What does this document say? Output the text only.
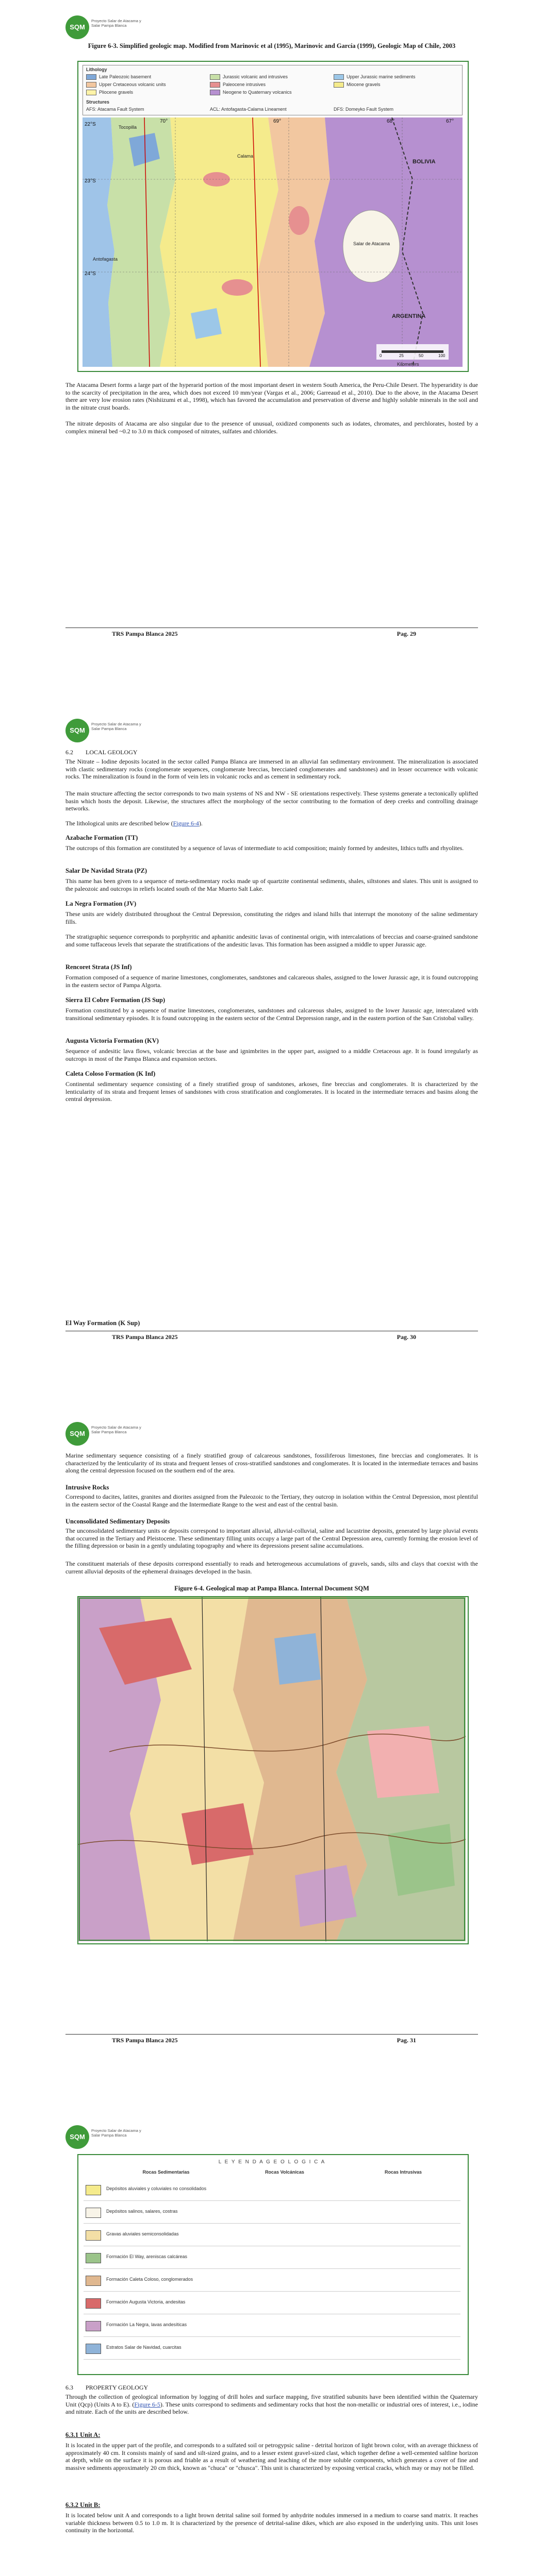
SQM
Proyecto Salar de Atacama y Salar Pampa Blanca
Figure 6-3. Simplified geologic map. Modified from Marinovic et al (1995), Marinovic and García (1999), Geologic Map of Chile, 2003
Lithology
Late Paleozoic basement	Jurassic volcanic and intrusives	Upper Jurassic marine sediments
Upper Cretaceous volcanic units	Paleocene intrusives	Miocene gravels
Pliocene gravels	Neogene to Quaternary volcanics
Structures
AFS: Atacama Fault System	ACL: Antofagasta-Calama Lineament	DFS: Domeyko Fault System
Tocopilla
Calama
BOLIVIA
Salar de Atacama
Antofagasta
ARGENTINA
Kilometers
22°S
23°S
24°S
70°	69°	68°	67°
0	25	50	100

The Atacama Desert forms a large part of the hyperarid portion of the most important desert in western South America, the Peru-Chile Desert. The hyperaridity is due to the scarcity of precipitation in the area, which does not exceed 10 mm/year (Vargas et al., 2006; Garreaud et al., 2010). Due to the above, in the Atacama Desert there are very low erosion rates (Nishiizumi et al., 1998), which has favored the accumulation and preservation of diverse and highly soluble minerals in the soil and in the nitrate crust boards.

The nitrate deposits of Atacama are also singular due to the presence of unusual, oxidized components such as iodates, chromates, and perchlorates, hosted by a complex mineral bed ~0.2 to 3.0 m thick composed of nitrates, sulfates and chlorides.

TRS Pampa Blanca 2025	Pag. 29
SQM
Proyecto Salar de Atacama y Salar Pampa Blanca
6.2  LOCAL GEOLOGY

The Nitrate – Iodine deposits located in the sector called Pampa Blanca are immersed in an alluvial fan sedimentary environment. The mineralization is associated with clastic sedimentary rocks (conglomerate sequences, conglomerate breccias, brecciated conglomerates and sandstones) and in lesser occurrence with volcanic rocks. The mineralization is found in the form of vein lets in volcanic rocks and as cement in sedimentary rock.

The main structure affecting the sector corresponds to two main systems of NS and NW - SE orientations respectively. These systems generate a tectonically uplifted basin which hosts the deposit. Likewise, the structures affect the morphology of the sector contributing to the formation of deep creeks and controlling drainage networks.

The lithological units are described below (Figure 6-4).

Azabache Formation (TT)

The outcrops of this formation are constituted by a sequence of lavas of intermediate to acid composition; mainly formed by andesites, lithics tuffs and rhyolites.

Salar De Navidad Strata (PZ)

This name has been given to a sequence of meta-sedimentary rocks made up of quartzite continental sediments, shales, siltstones and slates. This unit is assigned to the paleozoic and outcrops in reliefs located south of the Mar Muerto Salt Lake.

La Negra Formation (JV)

These units are widely distributed throughout the Central Depression, constituting the ridges and island hills that interrupt the monotony of the saline sedimentary fills.

The stratigraphic sequence corresponds to porphyritic and aphanitic andesitic lavas of continental origin, with intercalations of breccias and coarse-grained sandstone and some tuffaceous levels that separate the stratifications of the andesitic lavas. This formation has been assigned a middle to upper Jurassic age.

Rencoret Strata (JS Inf)

Formation composed of a sequence of marine limestones, conglomerates, sandstones and calcareous shales, assigned to the lower Jurassic age, it is found outcropping in the eastern sector of Pampa Algorta.

Sierra El Cobre Formation (JS Sup)

Formation constituted by a sequence of marine limestones, conglomerates, sandstones and calcareous shales, assigned to the lower Jurassic age, intercalated with transitional sedimentary episodes. It is found outcropping in the eastern sector of the Central Depression range, and in the eastern portion of the San Cristobal valley.

Augusta Victoria Formation (KV)

Sequence of andesitic lava flows, volcanic breccias at the base and ignimbrites in the upper part, assigned to a middle Cretaceous age. It is found irregularly as outcrops in most of the Pampa Blanca and expansion sectors.

Caleta Coloso Formation (K Inf)

Continental sedimentary sequence consisting of a finely stratified group of sandstones, arkoses, fine breccias and conglomerates. It is characterized by the lenticularity of its strata and frequent lenses of sandstones with cross stratification and conglomerates. It is located in the intermediate terraces and basins along the central depression.

El Way Formation (K Sup)
TRS Pampa Blanca 2025	Pag. 30
SQM
Proyecto Salar de Atacama y Salar Pampa Blanca

Marine sedimentary sequence consisting of a finely stratified group of calcareous sandstones, fossiliferous limestones, fine breccias and conglomerates. It is characterized by the lenticularity of its strata and frequent lenses of cross-stratified sandstones and conglomerates. It is located in the intermediate terraces and basins along the central depression focused on the southern end of the area.

Intrusive Rocks

Correspond to dacites, latites, granites and diorites assigned from the Paleozoic to the Tertiary, they outcrop in isolation within the Central Depression, most plentiful in the eastern sector of the Coastal Range and the Intermediate Range to the west and east of the central basin.

Unconsolidated Sedimentary Deposits

The unconsolidated sedimentary units or deposits correspond to important alluvial, alluvial-colluvial, saline and lacustrine deposits, generated by large pluvial events that occurred in the Tertiary and Pleistocene. These sedimentary filling units occupy a large part of the Central Depression area, currently forming the erosion level of the filling depression or basin in a gently undulating topography and where its depressions present saline accumulations.

The constituent materials of these deposits correspond essentially to reads and heterogeneous accumulations of gravels, sands, silts and clays that coexist with the current alluvial deposits of the ephemeral drainages developed in the basin.

Figure 6-4. Geological map at Pampa Blanca. Internal Document SQM
TRS Pampa Blanca 2025	Pag. 31
SQM
Proyecto Salar de Atacama y Salar Pampa Blanca
L E Y E N D A G E O L O G I C A
Rocas Sedimentarias	Rocas Volcánicas	Rocas Intrusivas
Depósitos aluviales y coluviales no consolidados
Depósitos salinos, salares, costras
Gravas aluviales semiconsolidadas
Formación El Way, areniscas calcáreas
Formación Caleta Coloso, conglomerados
Formación Augusta Victoria, andesitas
Formación La Negra, lavas andesíticas
Estratos Salar de Navidad, cuarcitas
6.3  PROPERTY GEOLOGY

Through the collection of geological information by logging of drill holes and surface mapping, five stratified subunits have been identified within the Quaternary Unit (Qcp) (Units A to E). (Figure 6-5). These units correspond to sediments and sedimentary rocks that host the non-metallic or industrial ores of interest, i.e., iodine and nitrate. Each of the units are described below.

6.3.1 Unit A:

It is located in the upper part of the profile, and corresponds to a sulfated soil or petrogypsic saline - detrital horizon of light brown color, with an average thickness of approximately 40 cm. It consists mainly of sand and silt-sized grains, and to a lesser extent gravel-sized clast, which together define a well-cemented saltline horizon at depth, while on the surface it is porous and friable as a result of weathering and leaching of the more soluble components, which generates a cover of fine and massive sediments approximately 20 cm thick, known as "chuca" or "chusca". This unit is characterized by exposing vertical cracks, which may or may not be filled.

6.3.2 Unit B:

It is located below unit A and corresponds to a light brown detrital saline soil formed by anhydrite nodules immersed in a medium to coarse sand matrix. It reaches variable thickness between 0.5 to 1.0 m. It is characterized by the presence of detrital-saline dikes, which are also exposed in the underlying units. This unit loses continuity in the horizontal.
